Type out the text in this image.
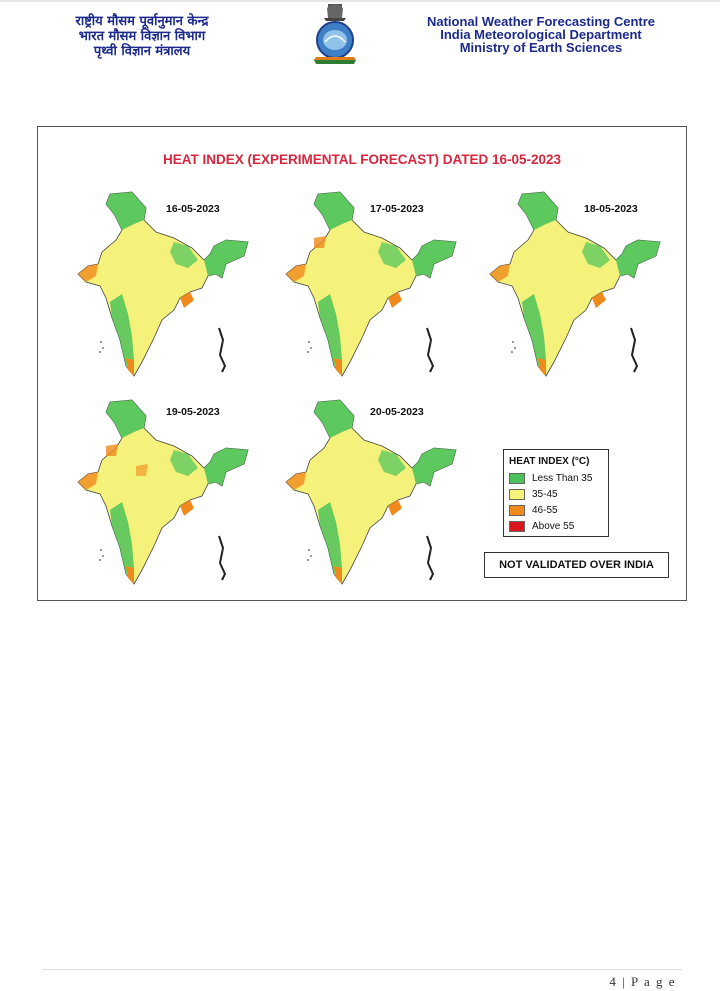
राष्ट्रीय मौसम पूर्वानुमान केन्द्र
भारत मौसम विज्ञान विभाग
पृथ्वी विज्ञान मंत्रालय
National Weather Forecasting Centre
India Meteorological Department
Ministry of Earth Sciences
HEAT INDEX (EXPERIMENTAL FORECAST) DATED 16-05-2023
16-05-2023	17-05-2023	18-05-2023
19-05-2023	20-05-2023
HEAT INDEX (°C)
Less Than 35
35-45
46-55
Above 55
NOT VALIDATED OVER INDIA
4 | P a g e
